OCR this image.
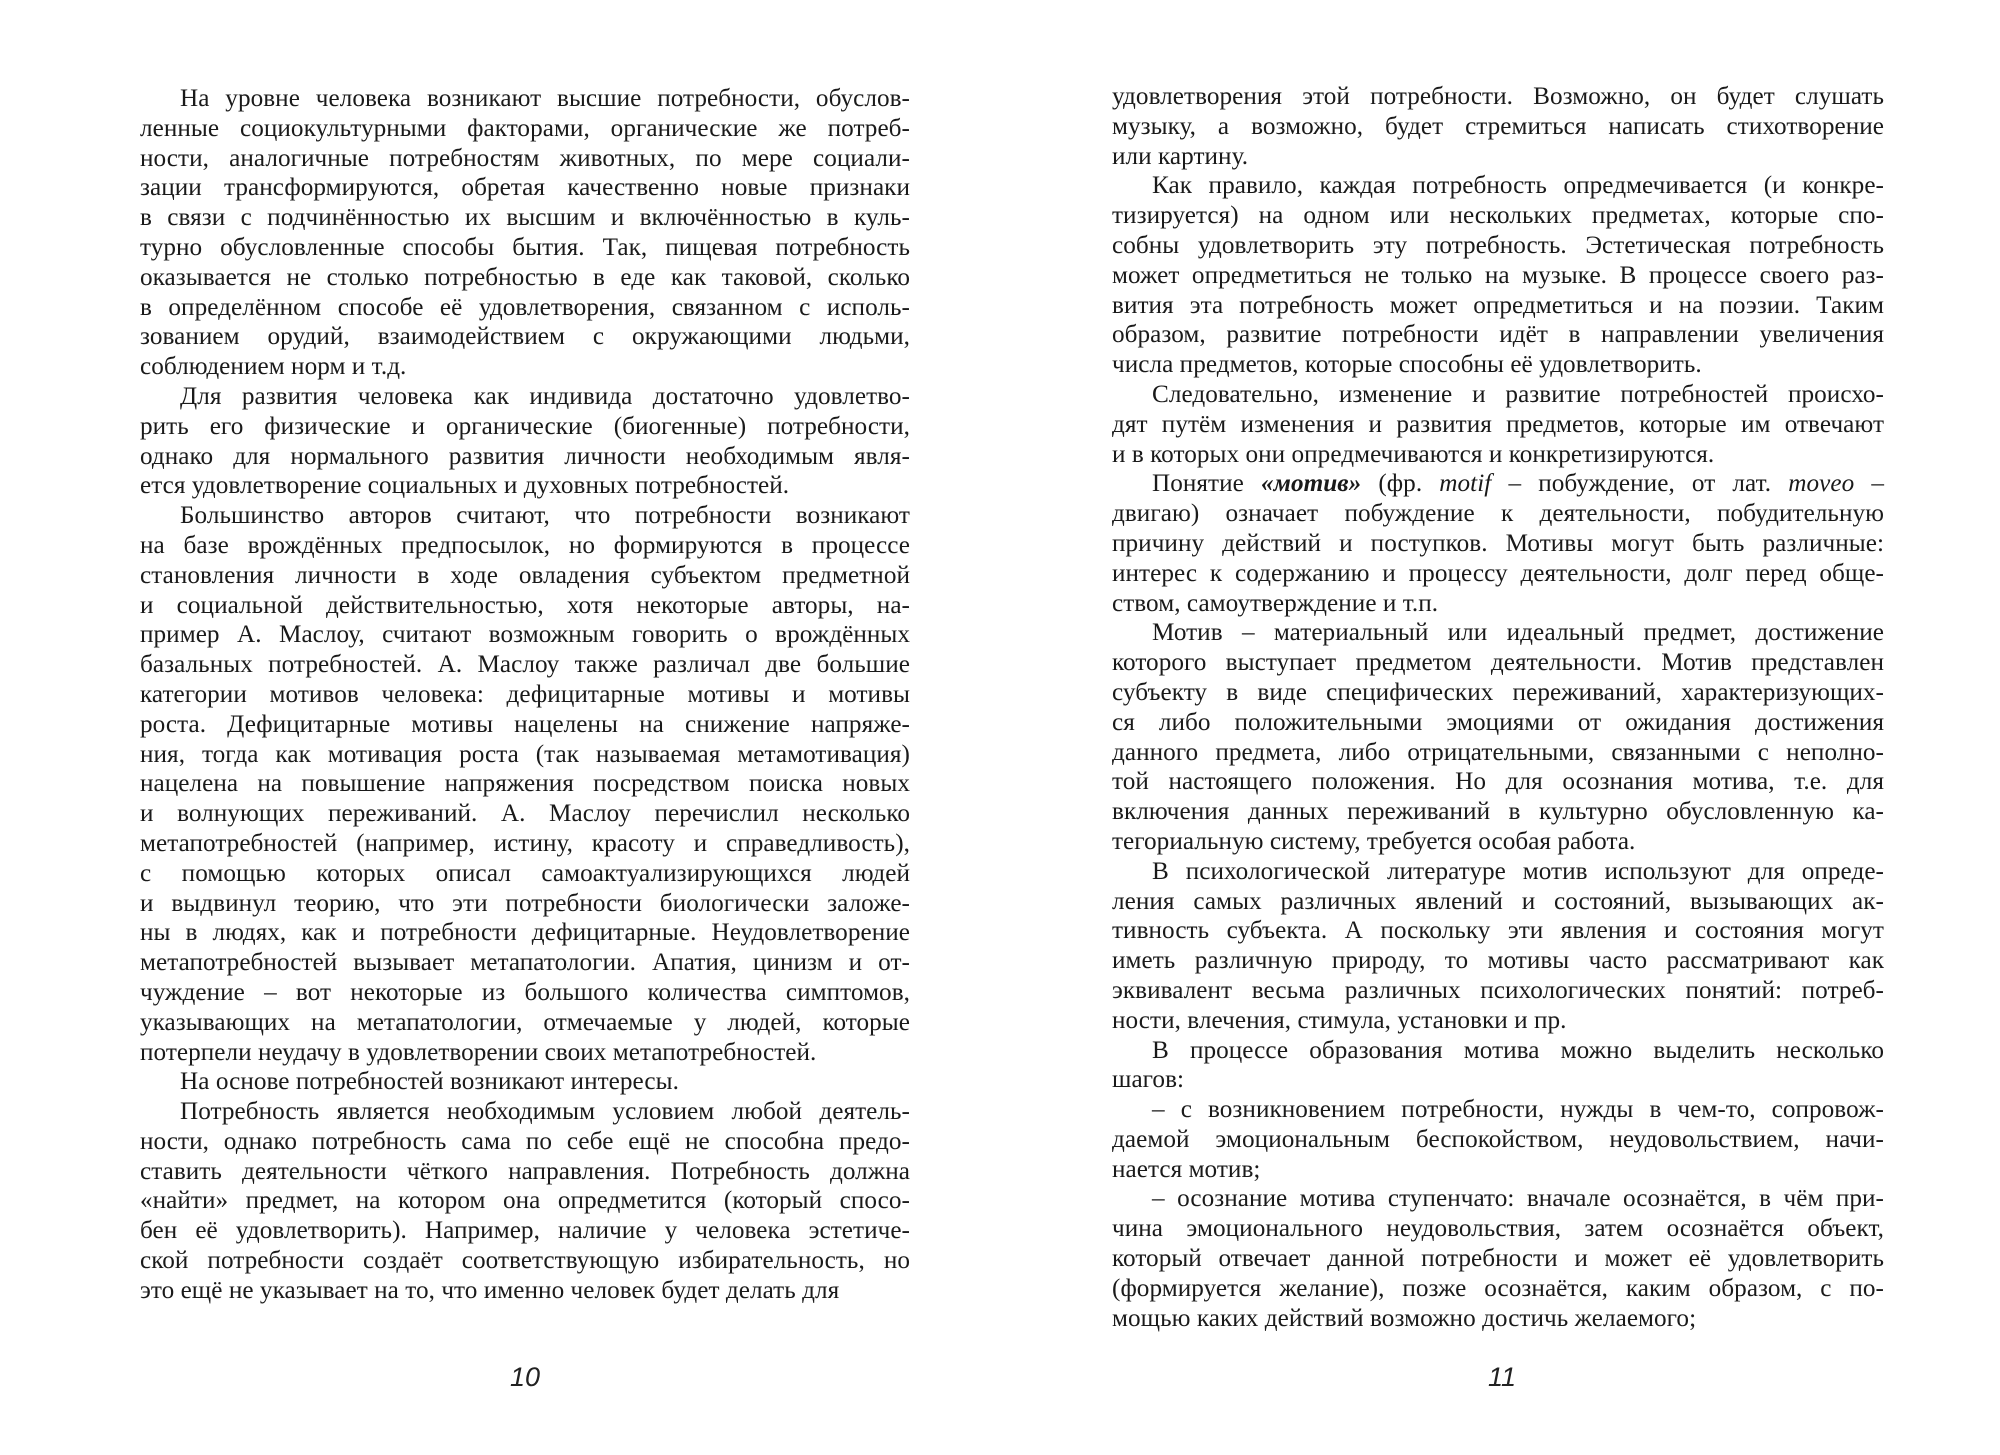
На уровне человека возникают высшие потребности, обуслов-
ленные социокультурными факторами, органические же потреб-
ности, аналогичные потребностям животных, по мере социали-
зации трансформируются, обретая качественно новые признаки
в связи с подчинённостью их высшим и включённостью в куль-
турно обусловленные способы бытия. Так, пищевая потребность
оказывается не столько потребностью в еде как таковой, сколько
в определённом способе её удовлетворения, связанном с исполь-
зованием орудий, взаимодействием с окружающими людьми,
соблюдением норм и т.д.
Для развития человека как индивида достаточно удовлетво-
рить его физические и органические (биогенные) потребности,
однако для нормального развития личности необходимым явля-
ется удовлетворение социальных и духовных потребностей.
Большинство авторов считают, что потребности возникают
на базе врождённых предпосылок, но формируются в процессе
становления личности в ходе овладения субъектом предметной
и социальной действительностью, хотя некоторые авторы, на-
пример А. Маслоу, считают возможным говорить о врождённых
базальных потребностей. А. Маслоу также различал две большие
категории мотивов человека: дефицитарные мотивы и мотивы
роста. Дефицитарные мотивы нацелены на снижение напряже-
ния, тогда как мотивация роста (так называемая метамотивация)
нацелена на повышение напряжения посредством поиска новых
и волнующих переживаний. А. Маслоу перечислил несколько
метапотребностей (например, истину, красоту и справедливость),
с помощью которых описал самоактуализирующихся людей
и выдвинул теорию, что эти потребности биологически заложе-
ны в людях, как и потребности дефицитарные. Неудовлетворение
метапотребностей вызывает метапатологии. Апатия, цинизм и от-
чуждение – вот некоторые из большого количества симптомов,
указывающих на метапатологии, отмечаемые у людей, которые
потерпели неудачу в удовлетворении своих метапотребностей.
На основе потребностей возникают интересы.
Потребность является необходимым условием любой деятель-
ности, однако потребность сама по себе ещё не способна предо-
ставить деятельности чёткого направления. Потребность должна
«найти» предмет, на котором она опредметится (который спосо-
бен её удовлетворить). Например, наличие у человека эстетиче-
ской потребности создаёт соответствующую избирательность, но
это ещё не указывает на то, что именно человек будет делать для
10
удовлетворения этой потребности. Возможно, он будет слушать
музыку, а возможно, будет стремиться написать стихотворение
или картину.
Как правило, каждая потребность опредмечивается (и конкре-
тизируется) на одном или нескольких предметах, которые спо-
собны удовлетворить эту потребность. Эстетическая потребность
может опредметиться не только на музыке. В процессе своего раз-
вития эта потребность может опредметиться и на поэзии. Таким
образом, развитие потребности идёт в направлении увеличения
числа предметов, которые способны её удовлетворить.
Следовательно, изменение и развитие потребностей происхо-
дят путём изменения и развития предметов, которые им отвечают
и в которых они опредмечиваются и конкретизируются.
Понятие «мотив» (фр. motif – побуждение, от лат. moveo –
двигаю) означает побуждение к деятельности, побудительную
причину действий и поступков. Мотивы могут быть различные:
интерес к содержанию и процессу деятельности, долг перед обще-
ством, самоутверждение и т.п.
Мотив – материальный или идеальный предмет, достижение
которого выступает предметом деятельности. Мотив представлен
субъекту в виде специфических переживаний, характеризующих-
ся либо положительными эмоциями от ожидания достижения
данного предмета, либо отрицательными, связанными с неполно-
той настоящего положения. Но для осознания мотива, т.е. для
включения данных переживаний в культурно обусловленную ка-
тегориальную систему, требуется особая работа.
В психологической литературе мотив используют для опреде-
ления самых различных явлений и состояний, вызывающих ак-
тивность субъекта. А поскольку эти явления и состояния могут
иметь различную природу, то мотивы часто рассматривают как
эквивалент весьма различных психологических понятий: потреб-
ности, влечения, стимула, установки и пр.
В процессе образования мотива можно выделить несколько
шагов:
– с возникновением потребности, нужды в чем-то, сопровож-
даемой эмоциональным беспокойством, неудовольствием, начи-
нается мотив;
– осознание мотива ступенчато: вначале осознаётся, в чём при-
чина эмоционального неудовольствия, затем осознаётся объект,
который отвечает данной потребности и может её удовлетворить
(формируется желание), позже осознаётся, каким образом, с по-
мощью каких действий возможно достичь желаемого;
11
